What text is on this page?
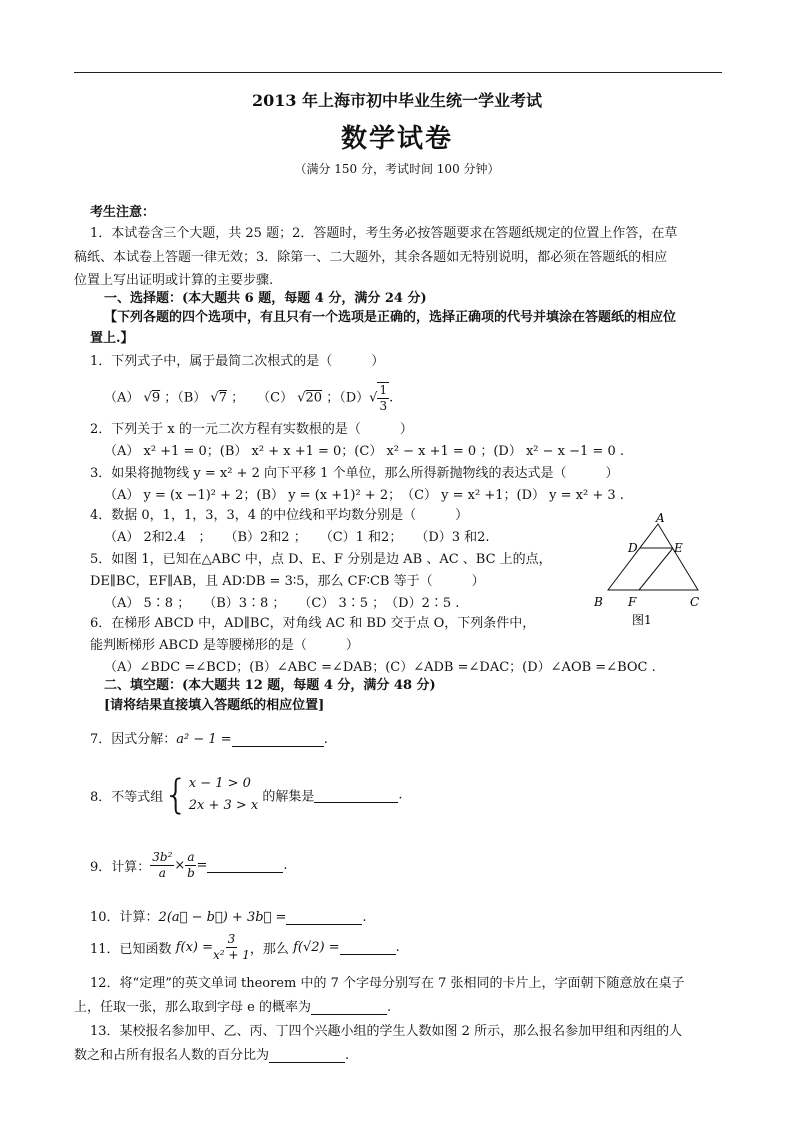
2013 年上海市初中毕业生统一学业考试
数学试卷
（满分 150 分，考试时间 100 分钟）
考生注意：
1．本试卷含三个大题，共 25 题；2．答题时，考生务必按答题要求在答题纸规定的位置上作答，在草
稿纸、本试卷上答题一律无效；3．除第一、二大题外，其余各题如无特别说明，都必须在答题纸的相应
位置上写出证明或计算的主要步骤.
一、选择题：(本大题共 6 题，每题 4 分，满分 24 分)
【下列各题的四个选项中，有且只有一个选项是正确的，选择正确项的代号并填涂在答题纸的相应位
置上.】
1．下列式子中，属于最简二次根式的是（　　　）
（A） √9 ；（B） √7 ；　　（C） √20 ；$(D)√ \frac{1}{3}$ .
2．下列关于 x 的一元二次方程有实数根的是（　　　）
（A） x² +1 = 0；(B） x² + x +1 = 0；(C） x² − x +1 = 0 ；(D） x² − x −1 = 0 .
3．如果将抛物线 y = x² + 2 向下平移 1 个单位，那么所得新抛物线的表达式是（　　　）
（A） y = (x −1)² + 2；(B） y = (x +1)² + 2；　（C） y = x² +1；(D） y = x² + 3 .
4．数据 0，1，1，3，3，4 的中位线和平均数分别是（　　　）
（A） 2和2.4　；　　（B）2和2 ；　　（C）1 和2；　　（D）3 和2.
5．如图 1，已知在△ABC 中，点 D、E、F 分别是边 AB 、AC 、BC 上的点，
DE∥BC，EF∥AB，且 AD∶DB = 3∶5，那么 CF∶CB 等于（　　　）
（A） 5∶8 ；　　（B）3∶8 ；　　（C） 3∶5 ；　（D）2∶5 .
6．在梯形 ABCD 中，AD∥BC，对角线 AC 和 BD 交于点 O，下列条件中，
能判断梯形 ABCD 是等腰梯形的是（　　　）
（A）∠BDC =∠BCD；(B）∠ABC =∠DAB；(C）∠ADB =∠DAC；(D）∠AOB =∠BOC .
A
D	E
B F	C
图1
二、填空题：(本大题共 12 题，每题 4 分，满分 48 分)
[请将结果直接填入答题纸的相应位置]
7．因式分解：a² − 1 =	.
8．不等式组{ x − 1 > 0
2x + 3 > x
的解集是	.
9．计算： $\frac{\text{3b²}}{a} \times \frac{a}{b}$ =	.
10．计算：2(a⃗ − b⃗) + 3b⃗ =	.
11．已知函数 $f(x) = \frac{3}{\text{x² + 1}}$ ，那么 f(√2) =	.
12．将“定理”的英文单词 theorem 中的 7 个字母分别写在 7 张相同的卡片上，字面朝下随意放在桌子
上，任取一张，那么取到字母 e 的概率为	.
13．某校报名参加甲、乙、丙、丁四个兴趣小组的学生人数如图 2 所示，那么报名参加甲组和丙组的人
数之和占所有报名人数的百分比为	.
